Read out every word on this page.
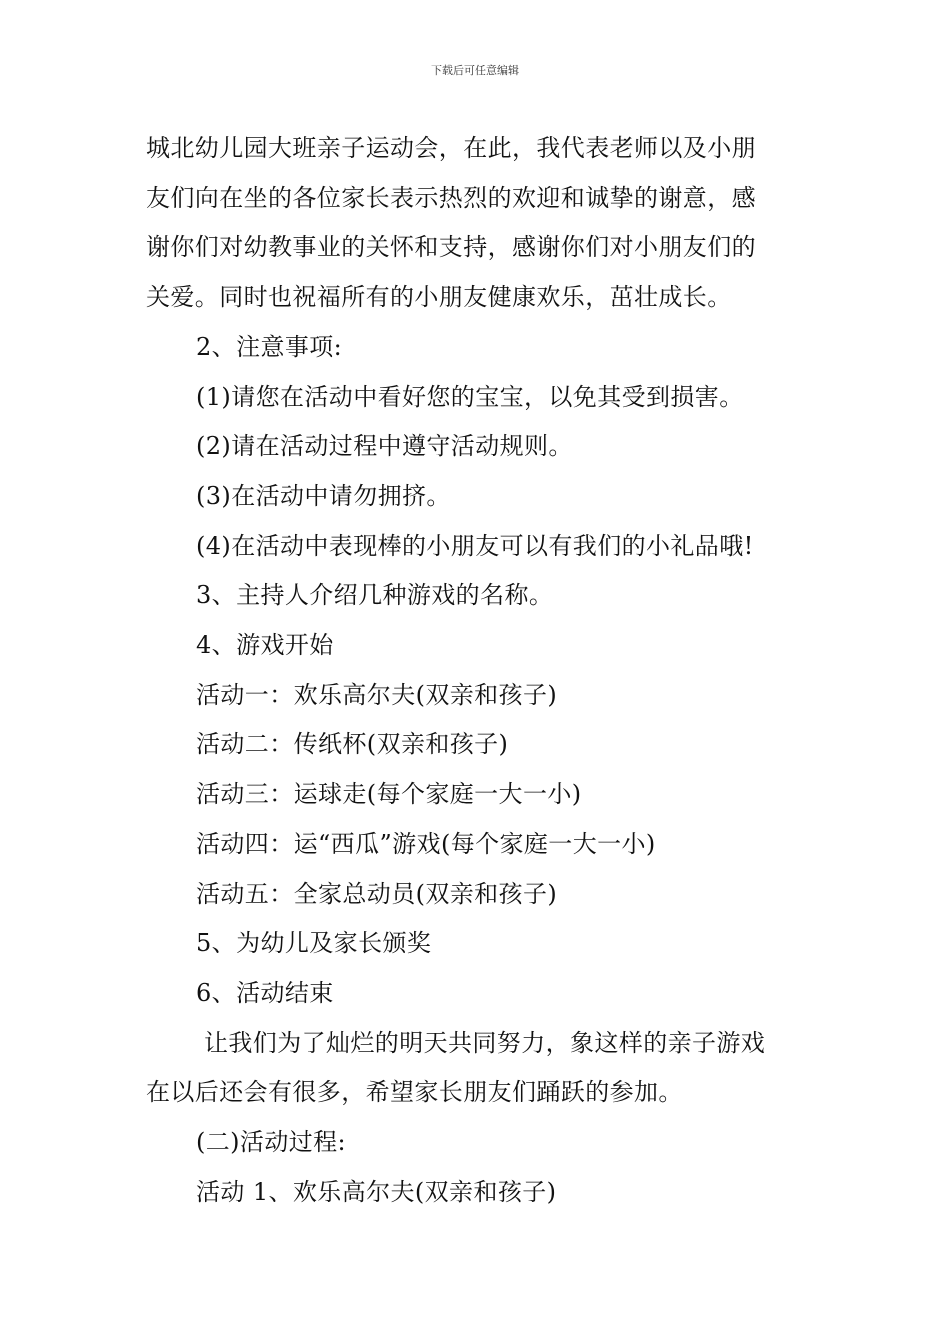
下载后可任意编辑
城北幼儿园大班亲子运动会，在此，我代表老师以及小朋
友们向在坐的各位家长表示热烈的欢迎和诚挚的谢意，感
谢你们对幼教事业的关怀和支持，感谢你们对小朋友们的
关爱。同时也祝福所有的小朋友健康欢乐，茁壮成长。
2、注意事项:
(1)请您在活动中看好您的宝宝，以免其受到损害。
(2)请在活动过程中遵守活动规则。
(3)在活动中请勿拥挤。
(4)在活动中表现棒的小朋友可以有我们的小礼品哦!
3、主持人介绍几种游戏的名称。
4、游戏开始
活动一：欢乐高尔夫(双亲和孩子)
活动二：传纸杯(双亲和孩子)
活动三：运球走(每个家庭一大一小)
活动四：运“西瓜”游戏(每个家庭一大一小)
活动五：全家总动员(双亲和孩子)
5、为幼儿及家长颁奖
6、活动结束
让我们为了灿烂的明天共同努力，象这样的亲子游戏
在以后还会有很多，希望家长朋友们踊跃的参加。
(二)活动过程:
活动 1、欢乐高尔夫(双亲和孩子)
